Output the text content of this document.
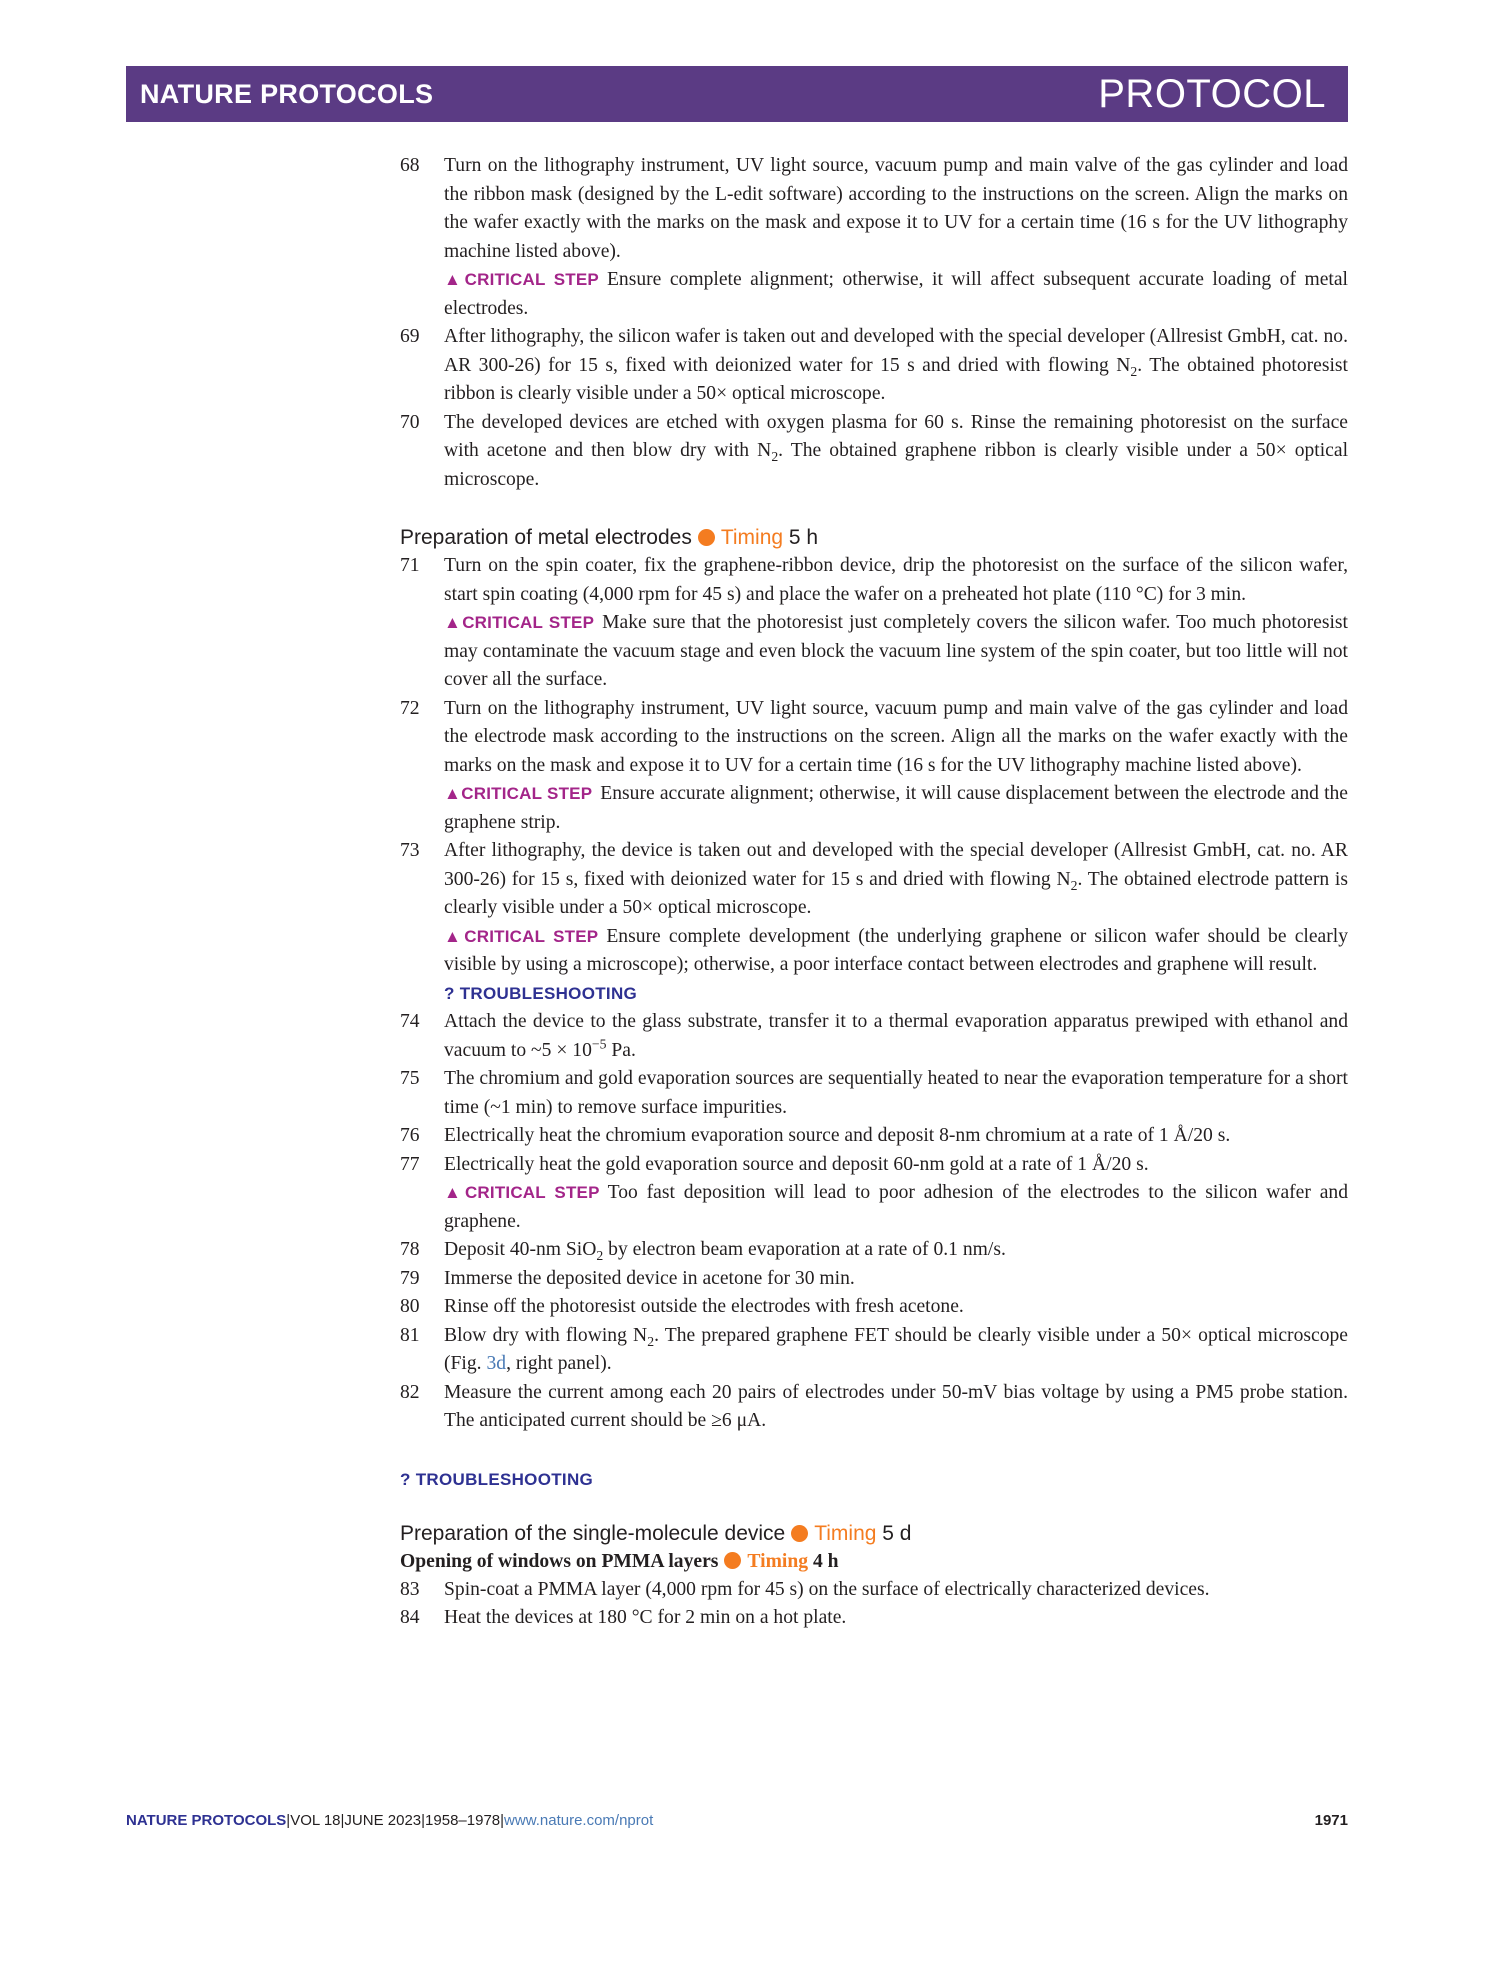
NATURE PROTOCOLS	PROTOCOL
68	Turn on the lithography instrument, UV light source, vacuum pump and main valve of the gas cylinder and load the ribbon mask (designed by the L-edit software) according to the instructions on the screen. Align the marks on the wafer exactly with the marks on the mask and expose it to UV for a certain time (16 s for the UV lithography machine listed above).
▲CRITICAL STEP Ensure complete alignment; otherwise, it will affect subsequent accurate loading of metal electrodes.
69	After lithography, the silicon wafer is taken out and developed with the special developer (Allresist GmbH, cat. no. AR 300-26) for 15 s, fixed with deionized water for 15 s and dried with flowing $N_2$. The obtained photoresist ribbon is clearly visible under a 50× optical microscope.
70	The developed devices are etched with oxygen plasma for 60 s. Rinse the remaining photoresist on the surface with acetone and then blow dry with $N_2$. The obtained graphene ribbon is clearly visible under a 50× optical microscope.
Preparation of metal electrodes Timing 5 h
71	Turn on the spin coater, fix the graphene-ribbon device, drip the photoresist on the surface of the silicon wafer, start spin coating (4,000 rpm for 45 s) and place the wafer on a preheated hot plate (110 °C) for 3 min.
▲CRITICAL STEP Make sure that the photoresist just completely covers the silicon wafer. Too much photoresist may contaminate the vacuum stage and even block the vacuum line system of the spin coater, but too little will not cover all the surface.
72	Turn on the lithography instrument, UV light source, vacuum pump and main valve of the gas cylinder and load the electrode mask according to the instructions on the screen. Align all the marks on the wafer exactly with the marks on the mask and expose it to UV for a certain time (16 s for the UV lithography machine listed above).
▲CRITICAL STEP Ensure accurate alignment; otherwise, it will cause displacement between the electrode and the graphene strip.
73	After lithography, the device is taken out and developed with the special developer (Allresist GmbH, cat. no. AR 300-26) for 15 s, fixed with deionized water for 15 s and dried with flowing $N_2$. The obtained electrode pattern is clearly visible under a 50× optical microscope.
▲CRITICAL STEP Ensure complete development (the underlying graphene or silicon wafer should be clearly visible by using a microscope); otherwise, a poor interface contact between electrodes and graphene will result.
? TROUBLESHOOTING
74	Attach the device to the glass substrate, transfer it to a thermal evaporation apparatus prewiped with ethanol and vacuum to ~5 × $10^{-5}$ Pa.
75	The chromium and gold evaporation sources are sequentially heated to near the evaporation temperature for a short time (~1 min) to remove surface impurities.
76	Electrically heat the chromium evaporation source and deposit 8-nm chromium at a rate of 1 Å/20 s.
77	Electrically heat the gold evaporation source and deposit 60-nm gold at a rate of 1 Å/20 s.
▲CRITICAL STEP Too fast deposition will lead to poor adhesion of the electrodes to the silicon wafer and graphene.
78	Deposit 40-nm SiO$_2$ by electron beam evaporation at a rate of 0.1 nm/s.
79	Immerse the deposited device in acetone for 30 min.
80	Rinse off the photoresist outside the electrodes with fresh acetone.
81	Blow dry with flowing $N_2$. The prepared graphene FET should be clearly visible under a 50× optical microscope (Fig. 3d, right panel).
82	Measure the current among each 20 pairs of electrodes under 50-mV bias voltage by using a PM5 probe station. The anticipated current should be ≥6 μA.
? TROUBLESHOOTING
Preparation of the single-molecule device Timing 5 d
Opening of windows on PMMA layers Timing 4 h
83	Spin-coat a PMMA layer (4,000 rpm for 45 s) on the surface of electrically characterized devices.
84	Heat the devices at 180 °C for 2 min on a hot plate.
NATURE PROTOCOLS|VOL 18|JUNE 2023|1958–1978|www.nature.com/nprot	1971
